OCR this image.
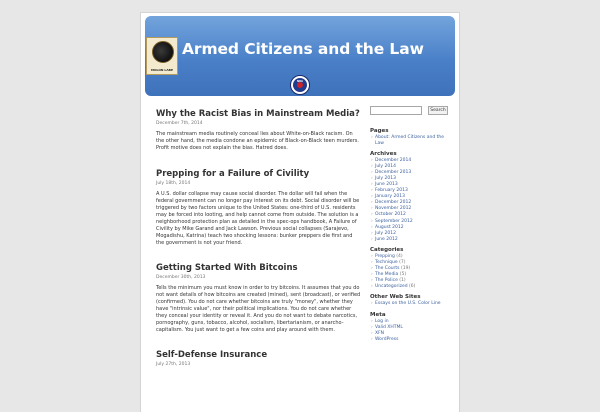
MOLON LABE
Armed Citizens and the Law
NRA
Why the Racist Bias in Mainstream Media?
December 7th, 2014
The mainstream media routinely conceal lies about White-on-Black racism. On the other hand, the media condone an epidemic of Black-on-Black teen murders. Profit motive does not explain the bias. Hatred does.
Prepping for a Failure of Civility
July 18th, 2014
A U.S. dollar collapse may cause social disorder. The dollar will fail when the federal government can no longer pay interest on its debt. Social disorder will be triggered by two factors unique to the United States: one-third of U.S. residents may be forced into looting, and help cannot come from outside. The solution is a neighborhood protection plan as detailed in the spec-ops handbook, A Failure of Civility by Mike Garand and Jack Lawson. Previous social collapses (Sarajevo, Mogadishu, Katrina) teach two shocking lessons: bunker preppers die first and the government is not your friend.
Getting Started With Bitcoins
December 30th, 2013
Tells the minimum you must know in order to try bitcoins. It assumes that you do not want details of how bitcoins are created (mined), sent (broadcast), or verified (confirmed). You do not care whether bitcoins are truly "money", whether they have "intrinsic value", nor their political implications. You do not care whether they conceal your identity or reveal it. And you do not want to debate narcotics, pornography, guns, tobacco, alcohol, socialism, libertarianism, or anarcho-capitalism. You just want to get a few coins and play around with them.
Self-Defense Insurance
July 27th, 2013
Search
Pages
› About: Armed Citizens and the Law
Archives
› December 2014
› July 2014
› December 2013
› July 2013
› June 2013
› February 2013
› January 2013
› December 2012
› November 2012
› October 2012
› September 2012
› August 2012
› July 2012
› June 2012
Categories
› Prepping (4)
› Technique (7)
› The Courts (19)
› The Media (5)
› The Police (1)
› Uncategorized (6)
Other Web Sites
› Essays on the U.S. Color Line
Meta
› Log in
› Valid XHTML
› XFN
› WordPress
